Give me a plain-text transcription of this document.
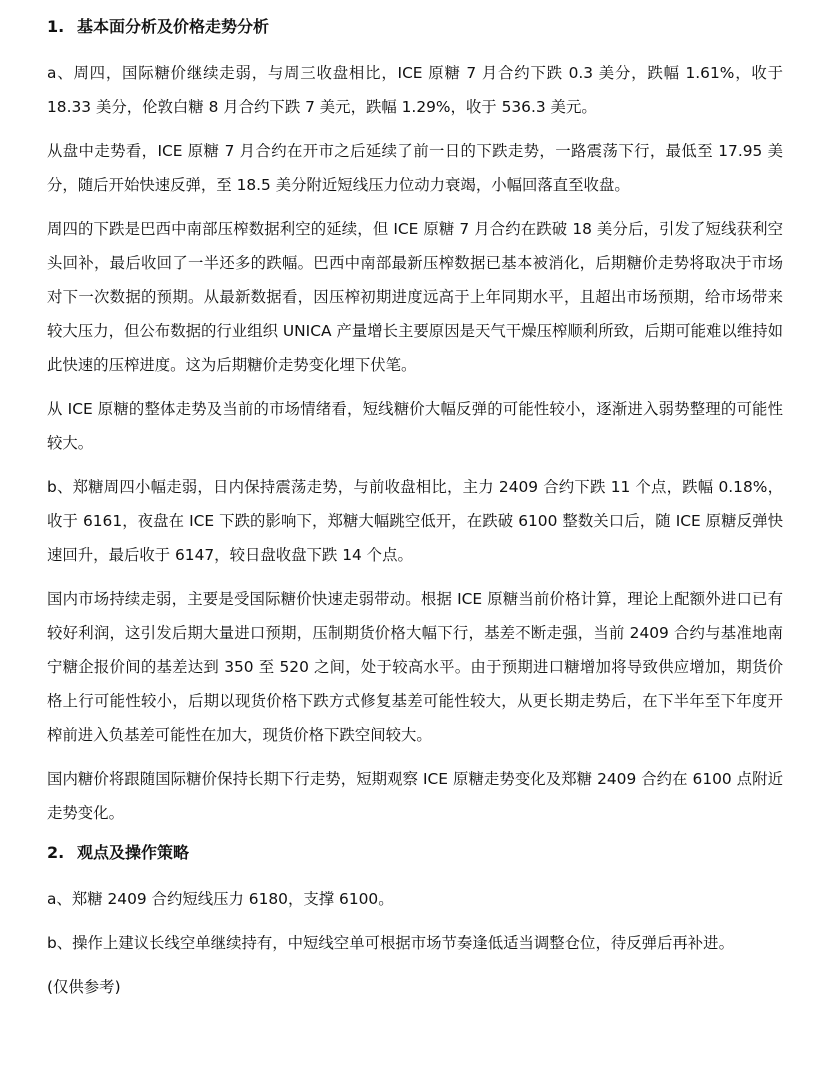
1. 基本面分析及价格走势分析

a、周四，国际糖价继续走弱，与周三收盘相比，ICE 原糖 7 月合约下跌 0.3 美分，跌幅 1.61%，收于 18.33 美分，伦敦白糖 8 月合约下跌 7 美元，跌幅 1.29%，收于 536.3 美元。

从盘中走势看，ICE 原糖 7 月合约在开市之后延续了前一日的下跌走势，一路震荡下行，最低至 17.95 美分，随后开始快速反弹，至 18.5 美分附近短线压力位动力衰竭，小幅回落直至收盘。

周四的下跌是巴西中南部压榨数据利空的延续，但 ICE 原糖 7 月合约在跌破 18 美分后，引发了短线获利空头回补，最后收回了一半还多的跌幅。巴西中南部最新压榨数据已基本被消化，后期糖价走势将取决于市场对下一次数据的预期。从最新数据看，因压榨初期进度远高于上年同期水平，且超出市场预期，给市场带来较大压力，但公布数据的行业组织 UNICA 产量增长主要原因是天气干燥压榨顺利所致，后期可能难以维持如此快速的压榨进度。这为后期糖价走势变化埋下伏笔。

从 ICE 原糖的整体走势及当前的市场情绪看，短线糖价大幅反弹的可能性较小，逐渐进入弱势整理的可能性较大。

b、郑糖周四小幅走弱，日内保持震荡走势，与前收盘相比，主力 2409 合约下跌 11 个点，跌幅 0.18%，收于 6161，夜盘在 ICE 下跌的影响下，郑糖大幅跳空低开，在跌破 6100 整数关口后，随 ICE 原糖反弹快速回升，最后收于 6147，较日盘收盘下跌 14 个点。

国内市场持续走弱，主要是受国际糖价快速走弱带动。根据 ICE 原糖当前价格计算，理论上配额外进口已有较好利润，这引发后期大量进口预期，压制期货价格大幅下行，基差不断走强，当前 2409 合约与基准地南宁糖企报价间的基差达到 350 至 520 之间，处于较高水平。由于预期进口糖增加将导致供应增加，期货价格上行可能性较小，后期以现货价格下跌方式修复基差可能性较大，从更长期走势后，在下半年至下年度开榨前进入负基差可能性在加大，现货价格下跌空间较大。

国内糖价将跟随国际糖价保持长期下行走势，短期观察 ICE 原糖走势变化及郑糖 2409 合约在 6100 点附近走势变化。

2. 观点及操作策略

a、郑糖 2409 合约短线压力 6180，支撑 6100。

b、操作上建议长线空单继续持有，中短线空单可根据市场节奏逢低适当调整仓位，待反弹后再补进。

(仅供参考)
